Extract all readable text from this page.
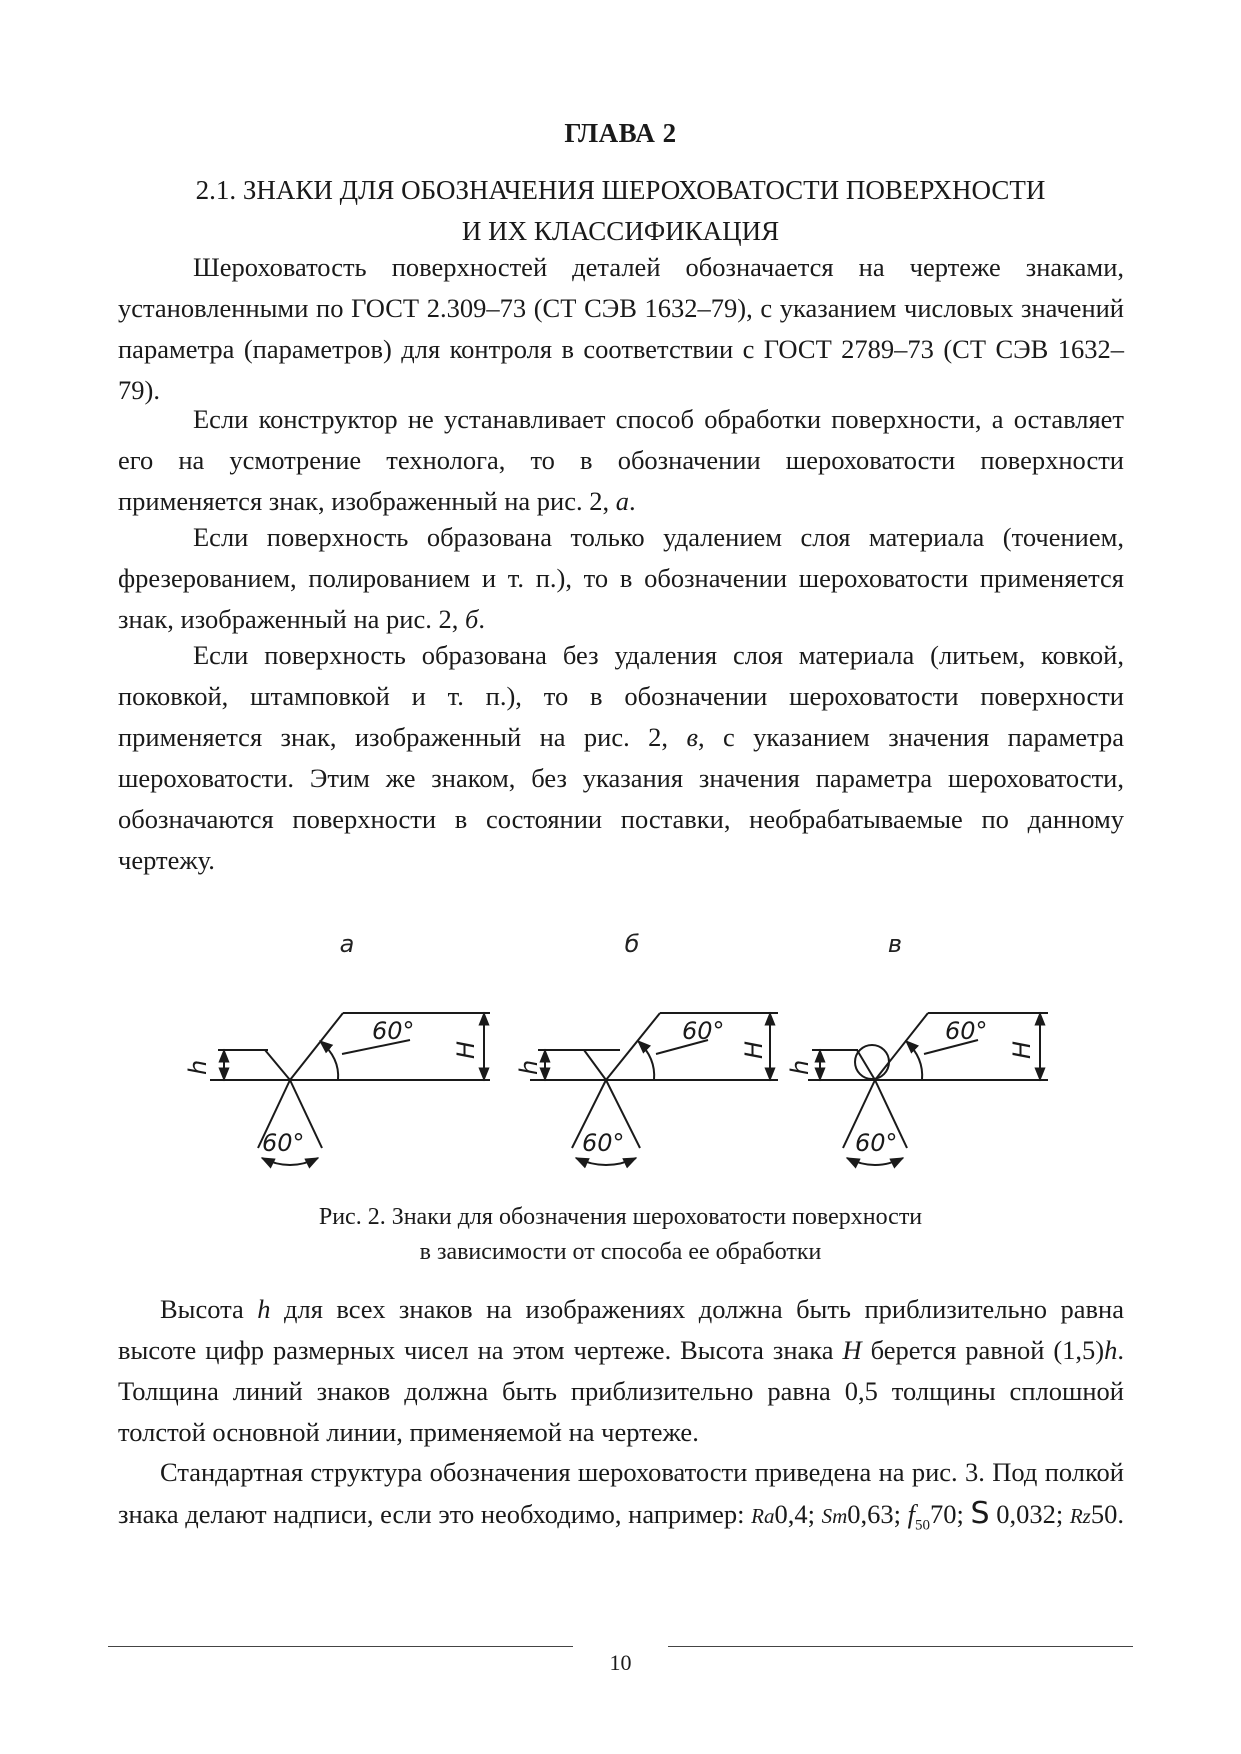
ГЛАВА 2
2.1. ЗНАКИ ДЛЯ ОБОЗНАЧЕНИЯ ШЕРОХОВАТОСТИ ПОВЕРХНОСТИ
И ИХ КЛАССИФИКАЦИЯ

Шероховатость поверхностей деталей обозначается на чертеже знаками, установленными по ГОСТ 2.309–73 (СТ СЭВ 1632–79), с указанием числовых значений параметра (параметров) для контроля в соответствии с ГОСТ 2789–73 (СТ СЭВ 1632–79).

Если конструктор не устанавливает способ обработки поверхности, а оставляет его на усмотрение технолога, то в обозначении шероховатости поверхности применяется знак, изображенный на рис. 2, а.

Если поверхность образована только удалением слоя материала (точением, фрезерованием, полированием и т. п.), то в обозначении шероховатости применяется знак, изображенный на рис. 2, б.

Если поверхность образована без удаления слоя материала (литьем, ковкой, поковкой, штамповкой и т. п.), то в обозначении шероховатости поверхности применяется знак, изображенный на рис. 2, в, с указанием значения параметра шероховатости. Этим же знаком, без указания значения параметра шероховатости, обозначаются поверхности в состоянии поставки, необрабатываемые по данному чертежу.

а	б	в
60°
60°
60°
60°
60°
60°
h
H
h
H
h
H
Рис. 2. Знаки для обозначения шероховатости поверхности
в зависимости от способа ее обработки

Высота h для всех знаков на изображениях должна быть приблизительно равна высоте цифр размерных чисел на этом чертеже. Высота знака H берется равной (1,5)h. Толщина линий знаков должна быть приблизительно равна 0,5 толщины сплошной толстой основной линии, применяемой на чертеже.

Стандартная структура обозначения шероховатости приведена на рис. 3. Под полкой знака делают надписи, если это необходимо, например: Ra0,4; Sm0,63; $f_{50}70$; S 0,032; Rz50.

10
